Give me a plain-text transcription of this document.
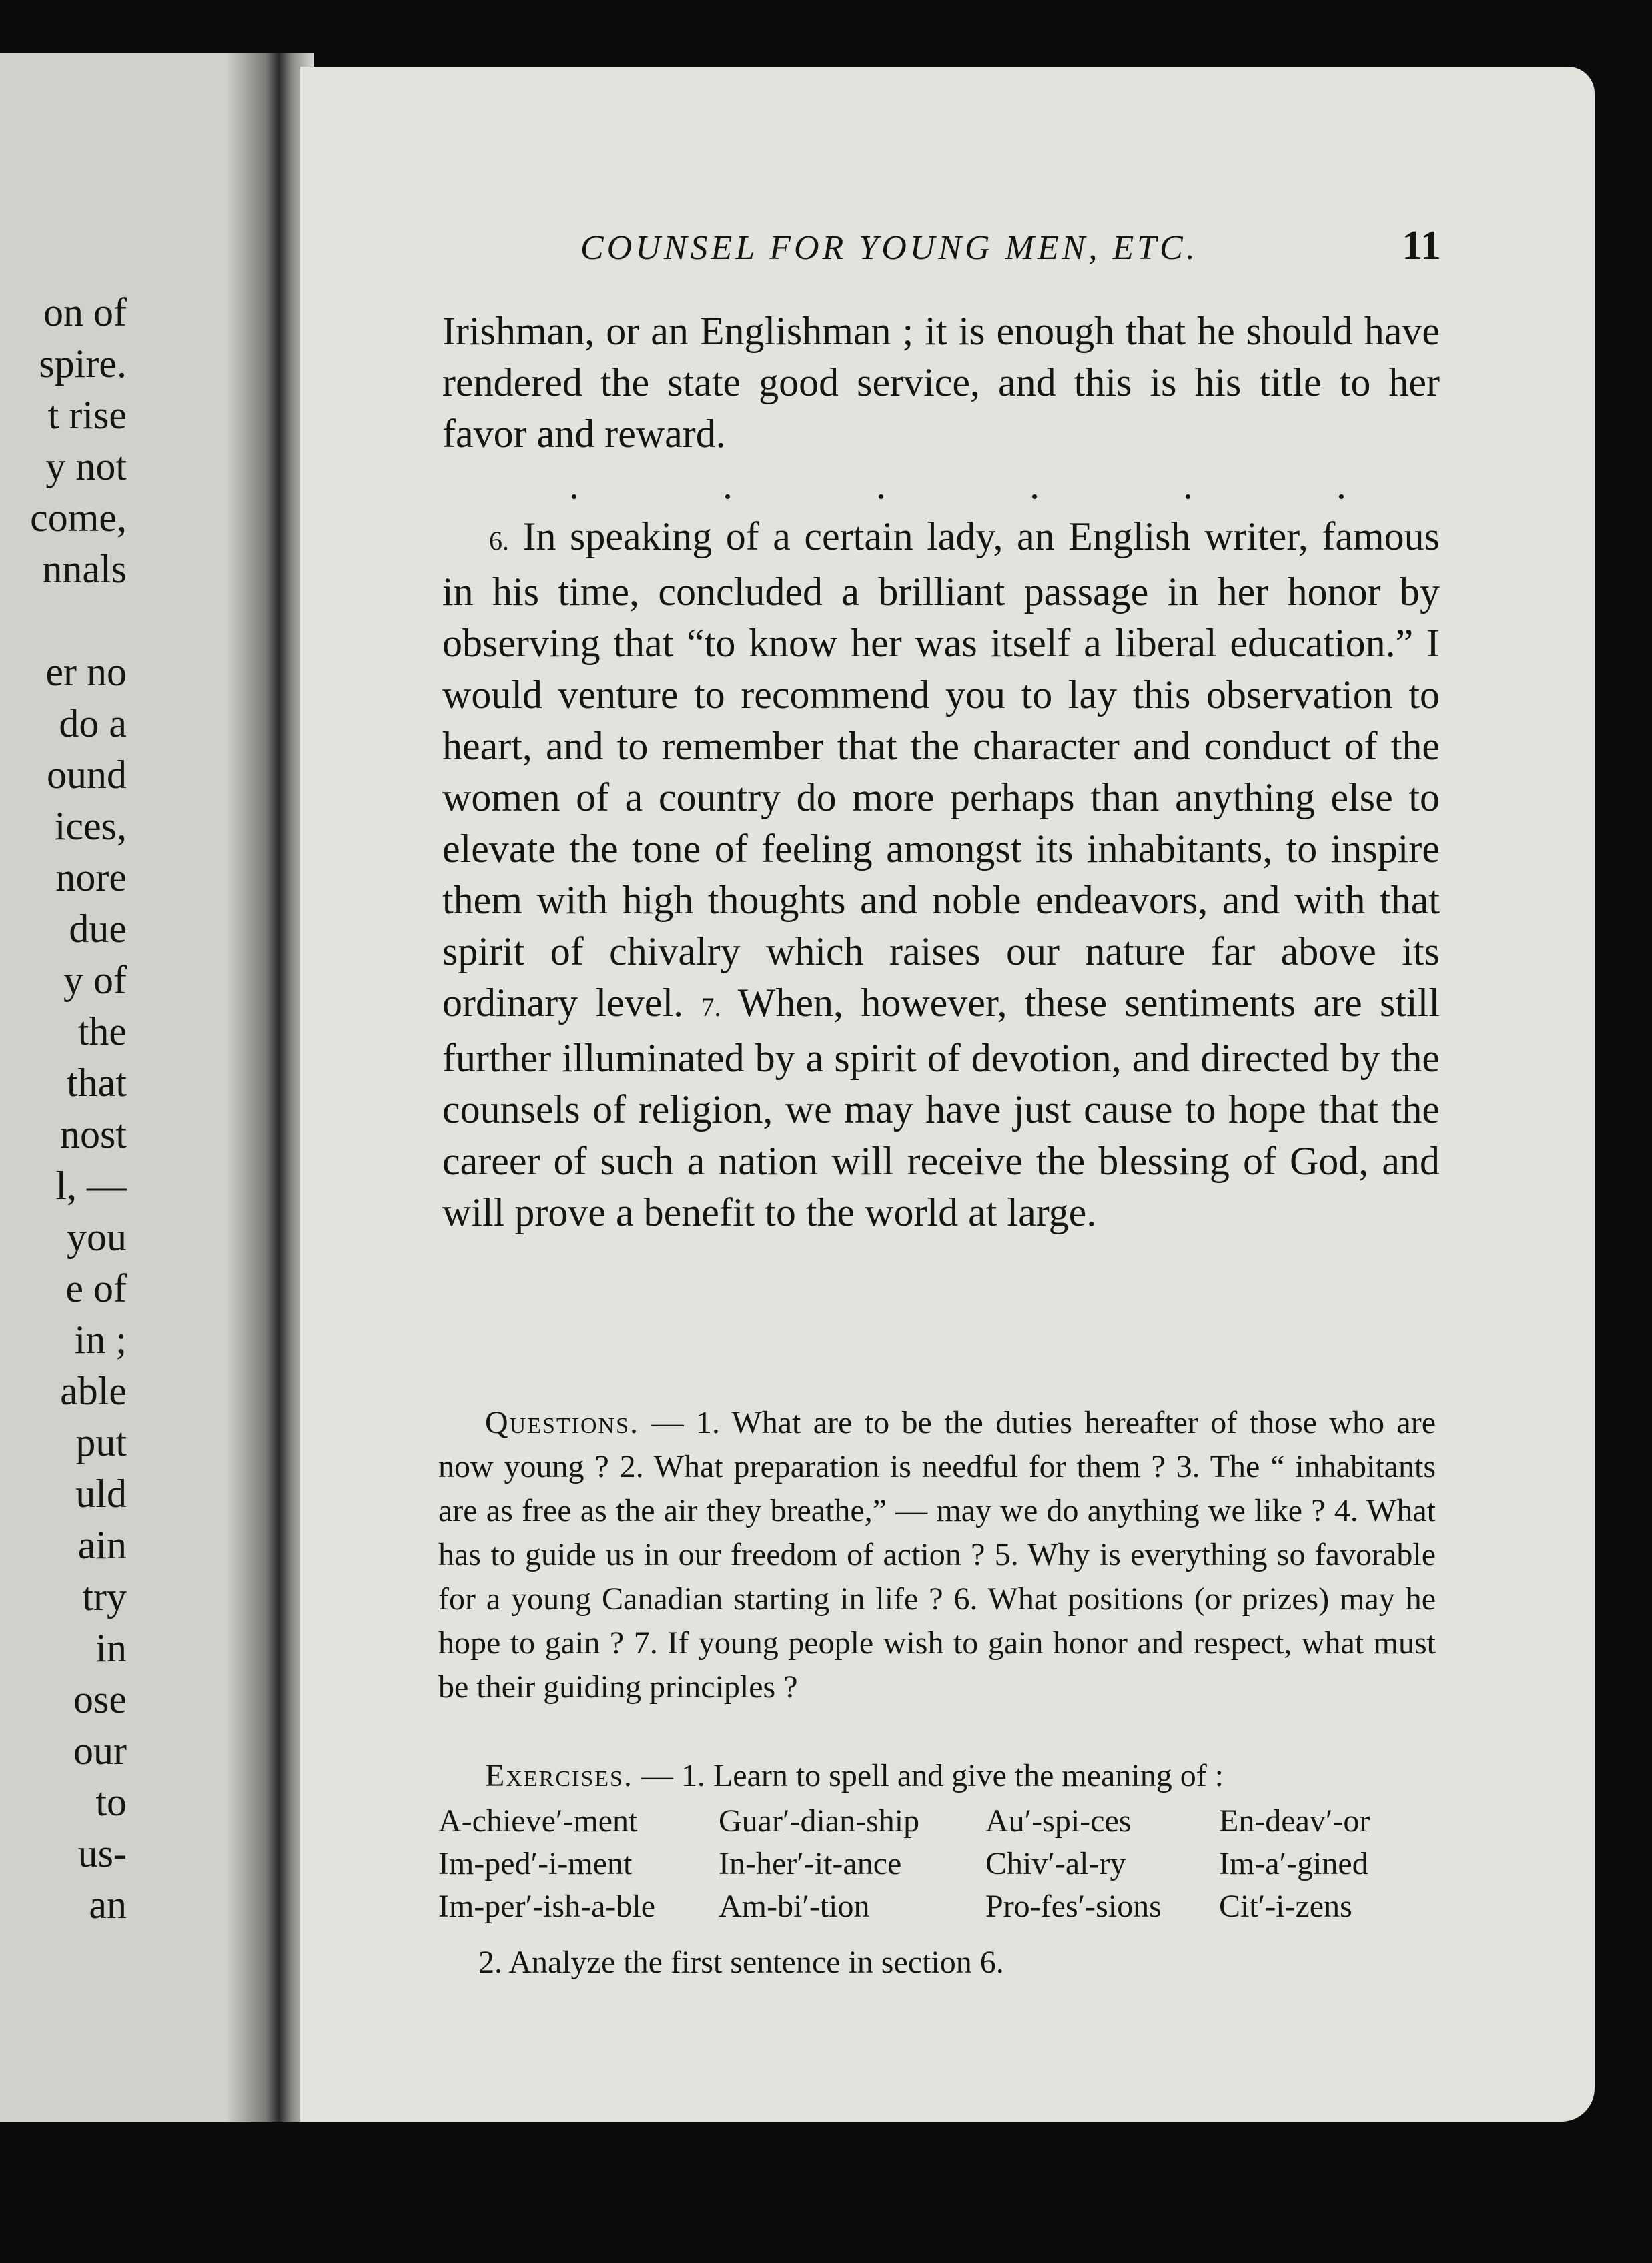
on of
spire.
t rise
y not
come,
nnals
er no
do a
ound
ices,
nore
due
y of
the
that
nost
l, —
you
e of
in ;
able
put
uld
ain
try
in
ose
our
to
us-
an
COUNSEL FOR YOUNG MEN, ETC.	11

Irishman, or an Englishman ; it is enough that he should have rendered the state good service, and this is his title to her favor and reward.

.	.	.	.	.	.

6. In speaking of a certain lady, an English writer, famous in his time, concluded a brilliant passage in her honor by observing that “to know her was itself a liberal education.” I would venture to recommend you to lay this observation to heart, and to remember that the character and conduct of the women of a country do more perhaps than anything else to elevate the tone of feeling amongst its inhabitants, to inspire them with high thoughts and noble endeavors, and with that spirit of chivalry which raises our nature far above its ordinary level. 7. When, however, these sentiments are still further illuminated by a spirit of devotion, and directed by the counsels of religion, we may have just cause to hope that the career of such a nation will receive the blessing of God, and will prove a benefit to the world at large.

Questions. — 1. What are to be the duties hereafter of those who are now young ? 2. What preparation is needful for them ? 3. The “ inhabitants are as free as the air they breathe,” — may we do anything we like ? 4. What has to guide us in our freedom of action ? 5. Why is everything so favorable for a young Canadian starting in life ? 6. What positions (or prizes) may he hope to gain ? 7. If young people wish to gain honor and respect, what must be their guiding principles ?

Exercises. — 1. Learn to spell and give the meaning of :

A-chieve′-ment	Guar′-dian-ship	Au′-spi-ces	En-deav′-or
Im-ped′-i-ment	In-her′-it-ance	Chiv′-al-ry	Im-a′-gined
Im-per′-ish-a-ble	Am-bi′-tion	Pro-fes′-sions	Cit′-i-zens

2. Analyze the first sentence in section 6.
